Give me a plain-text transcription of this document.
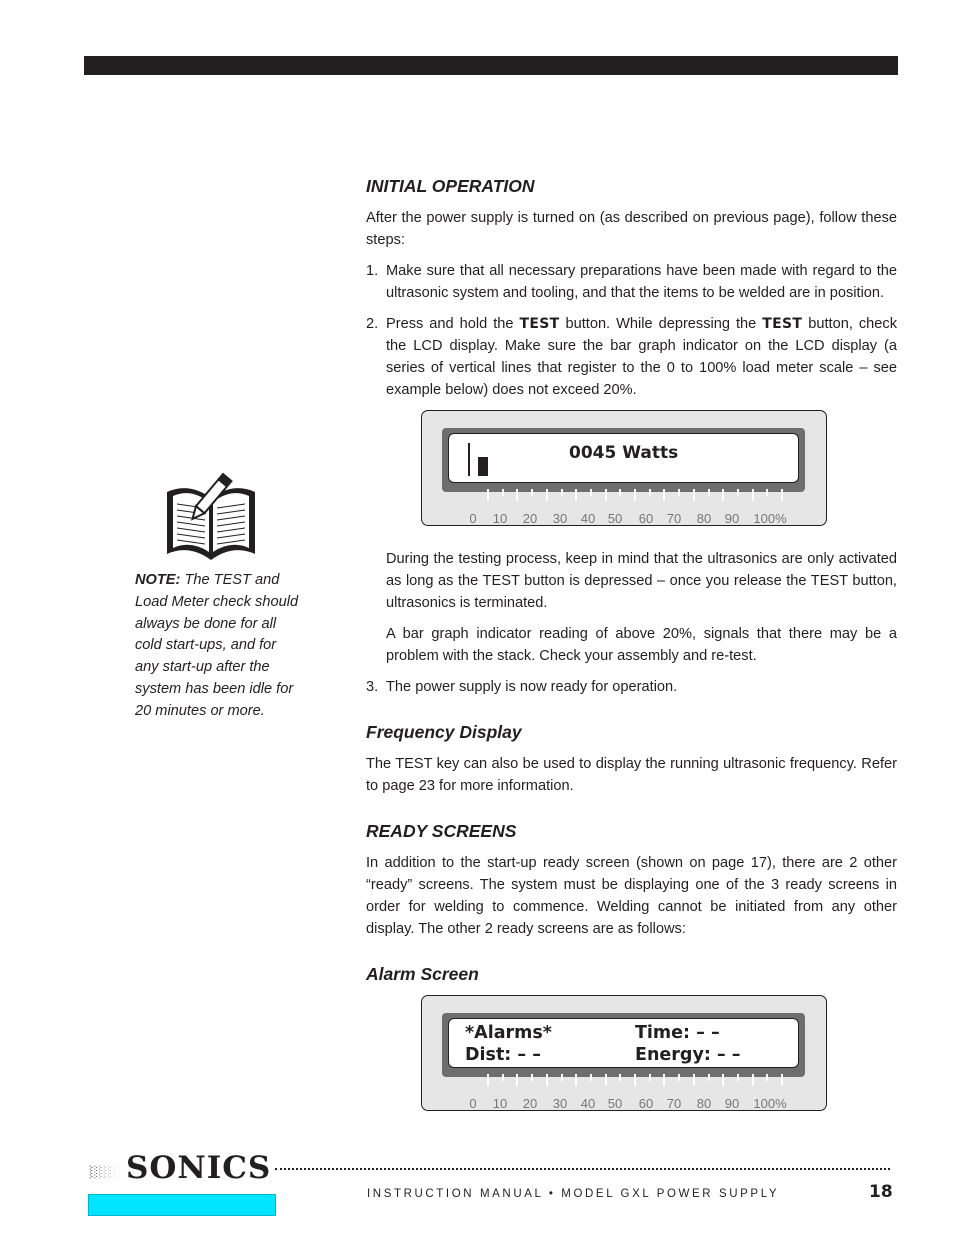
NOTE: The TEST and Load Meter check should always be done for all cold start-ups, and for any start-up after the system has been idle for 20 minutes or more.
INITIAL OPERATION

After the power supply is turned on (as described on previous page), follow these steps:

1. Make sure that all necessary preparations have been made with regard to the ultrasonic system and tooling, and that the items to be welded are in position.
2. Press and hold the TEST button. While depressing the TEST button, check the LCD display. Make sure the bar graph indicator on the LCD display (a series of vertical lines that register to the 0 to 100% load meter scale – see example below) does not exceed 20%.
0045 Watts
0 10 20 30 40 50 60 70 80 90 100%

During the testing process, keep in mind that the ultrasonics are only activated as long as the TEST button is depressed – once you release the TEST button, ultrasonics is terminated.

A bar graph indicator reading of above 20%, signals that there may be a problem with the stack. Check your assembly and re-test.

3. The power supply is now ready for operation.
Frequency Display

The TEST key can also be used to display the running ultrasonic frequency. Refer to page 23 for more information.

READY SCREENS

In addition to the start-up ready screen (shown on page 17), there are 2 other “ready” screens. The system must be displaying one of the 3 ready screens in order for welding to commence. Welding cannot be initiated from any other display. The other 2 ready screens are as follows:

Alarm Screen
*Alarms*	Time: – –
Dist: – –	Energy: – –
0 10 20 30 40 50 60 70 80 90 100%
SONICS
INSTRUCTION MANUAL • MODEL GXL POWER SUPPLY	18
